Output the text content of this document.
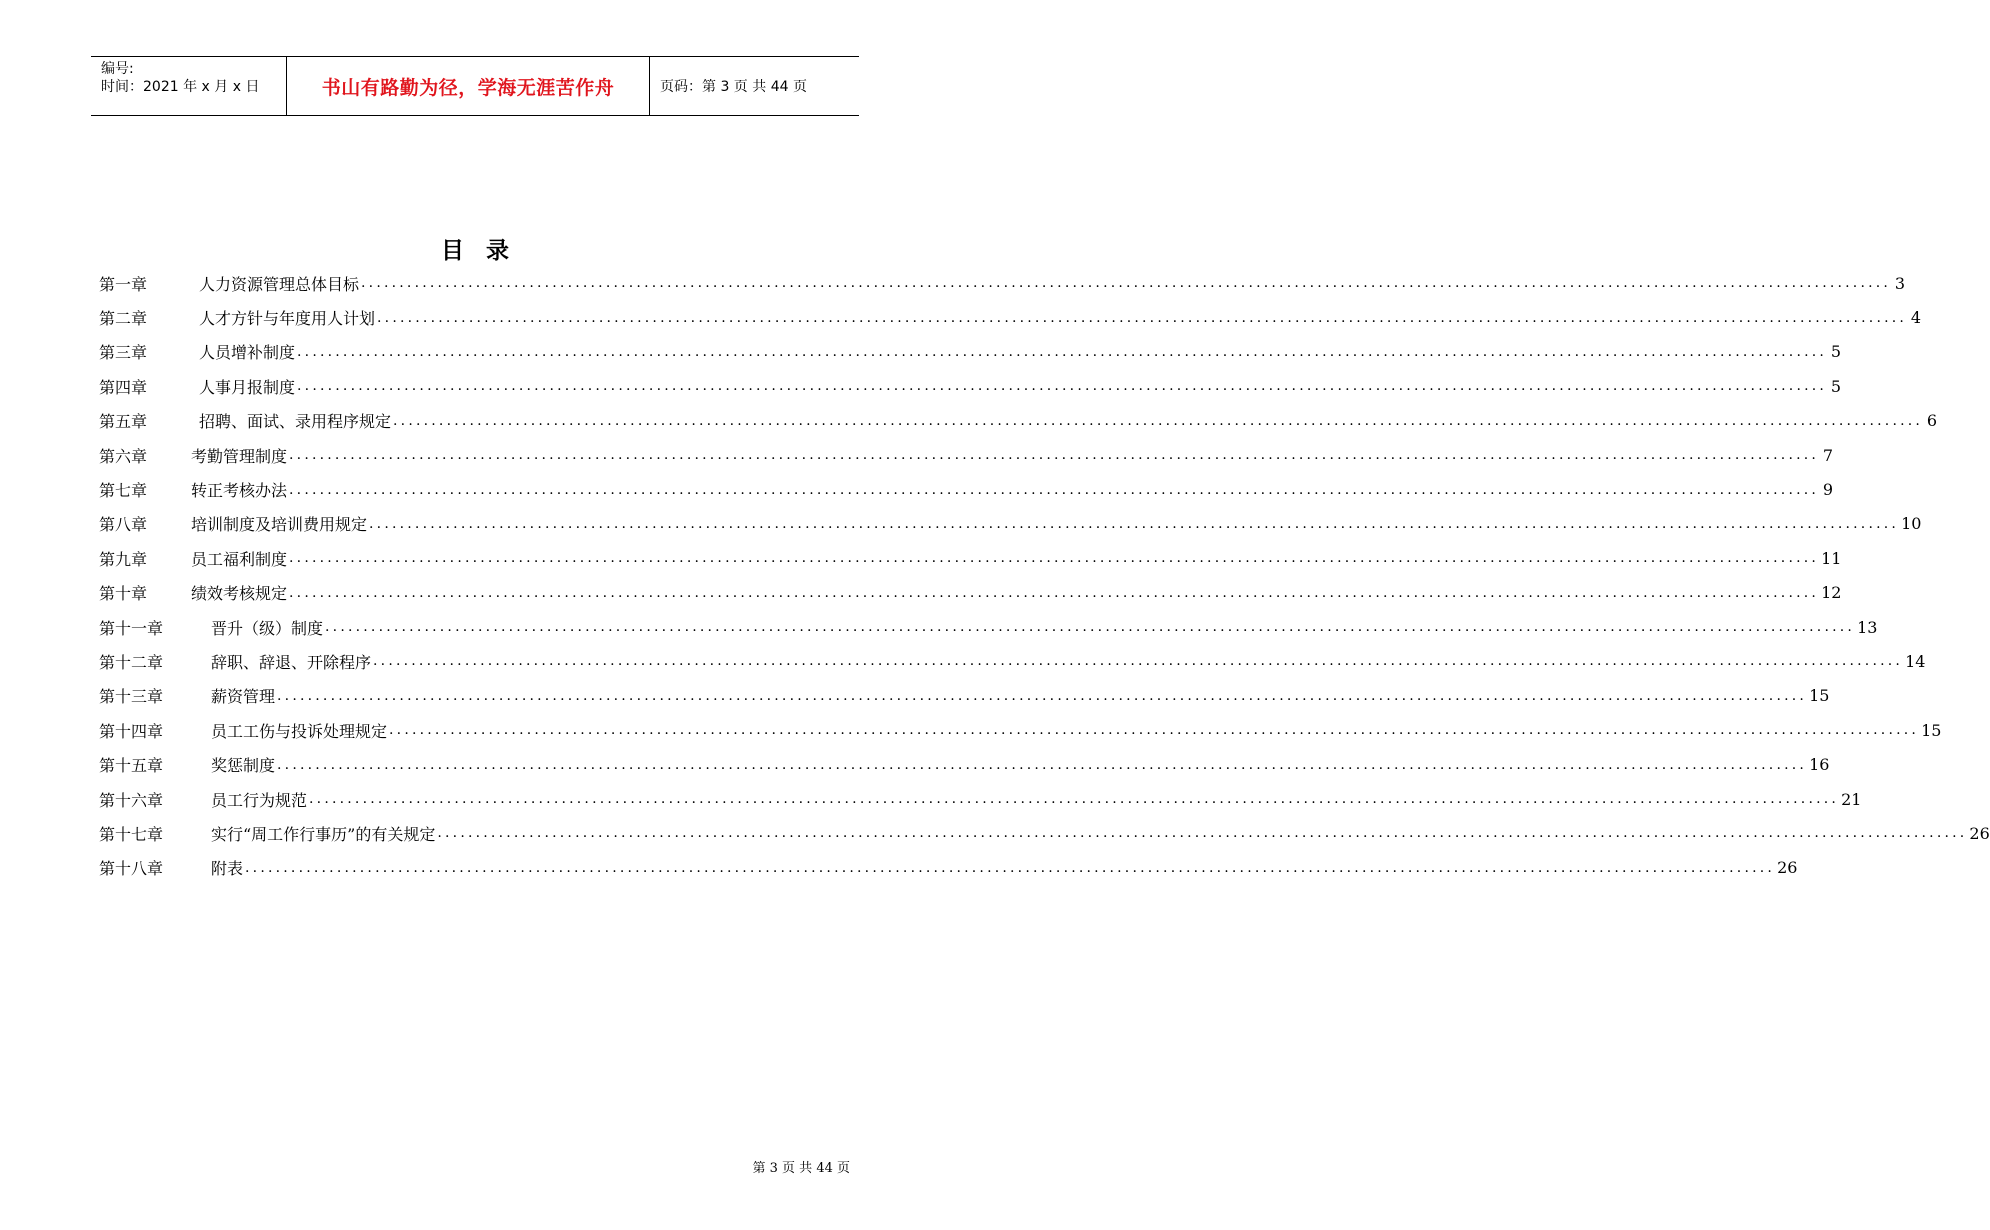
编号:
时间：2021 年 x 月 x 日	书山有路勤为径，学海无涯苦作舟	页码：第 3 页 共 44 页
目录
第一章	人力资源管理总体目标 ........................................................................................................................................................................................................ 3
第二章	人才方针与年度用人计划 ........................................................................................................................................................................................................ 4
第三章	人员增补制度 ........................................................................................................................................................................................................ 5
第四章	人事月报制度 ........................................................................................................................................................................................................ 5
第五章	招聘、面试、录用程序规定 ........................................................................................................................................................................................................ 6
第六章	考勤管理制度 ........................................................................................................................................................................................................ 7
第七章	转正考核办法 ........................................................................................................................................................................................................ 9
第八章	培训制度及培训费用规定 ........................................................................................................................................................................................................ 10
第九章	员工福利制度 ........................................................................................................................................................................................................ 11
第十章	绩效考核规定 ........................................................................................................................................................................................................ 12
第十一章	晋升（级）制度 ........................................................................................................................................................................................................ 13
第十二章	辞职、辞退、开除程序 ........................................................................................................................................................................................................ 14
第十三章	薪资管理 ........................................................................................................................................................................................................ 15
第十四章	员工工伤与投诉处理规定 ........................................................................................................................................................................................................ 15
第十五章	奖惩制度 ........................................................................................................................................................................................................ 16
第十六章	员工行为规范 ........................................................................................................................................................................................................ 21
第十七章	实行“周工作行事历”的有关规定 ........................................................................................................................................................................................................ 26
第十八章	附表 ........................................................................................................................................................................................................ 26
第 3 页 共 44 页
